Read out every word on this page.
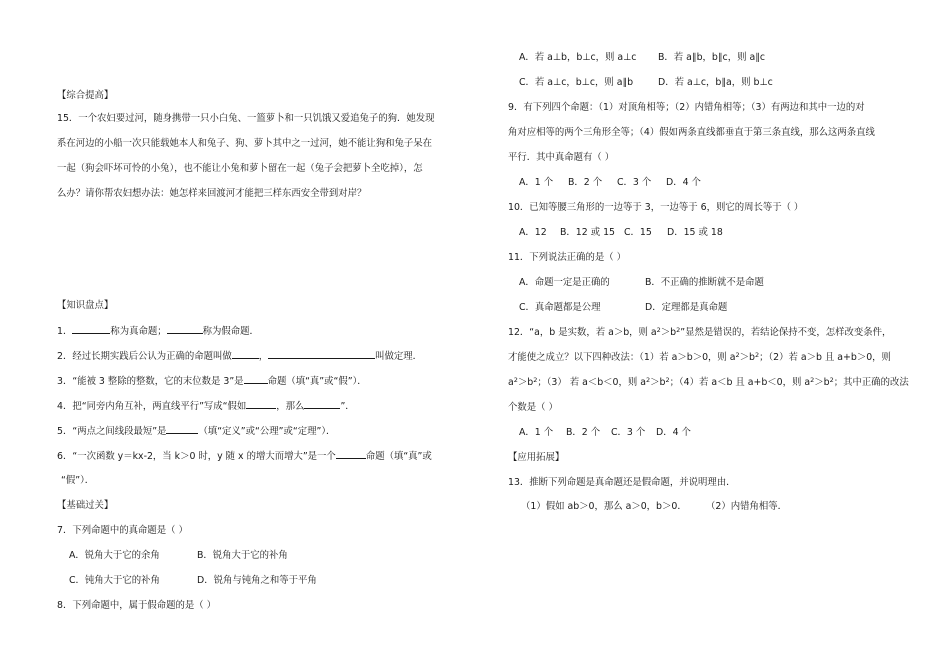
【综合提高】
15．一个农妇要过河，随身携带一只小白兔、一篮萝卜和一只饥饿又爱追兔子的狗．她发现
系在河边的小船一次只能载她本人和兔子、狗、萝卜其中之一过河，她不能让狗和兔子呆在
一起（狗会吓坏可怜的小兔），也不能让小兔和萝卜留在一起（兔子会把萝卜全吃掉），怎
么办？请你帮农妇想办法：她怎样来回渡河才能把三样东西安全带到对岸？
【知识盘点】
1．	称为真命题；	称为假命题．
2．经过长期实践后公认为正确的命题叫做	，	叫做定理．
3．“能被 3 整除的整数，它的末位数是 3”是	命题（填“真”或“假”）．
4．把“同旁内角互补，两直线平行”写成“假如	，那么	”．
5．“两点之间线段最短”是	（填“定义”或“公理”或“定理”）．
6．“一次函数 y＝kx-2，当 k＞0 时，y 随 x 的增大而增大”是一个	命题（填“真”或
“假”）．
【基础过关】
7．下列命题中的真命题是（ ）
A．锐角大于它的余角	B．锐角大于它的补角
C．钝角大于它的补角	D．锐角与钝角之和等于平角
8．下列命题中，属于假命题的是（ ）
A．若 a⊥b，b⊥c，则 a⊥c B．若 a∥b，b∥c，则 a∥c
C．若 a⊥c，b⊥c，则 a∥b	D．若 a⊥c，b∥a，则 b⊥c
9．有下列四个命题：（1）对顶角相等；（2）内错角相等；（3）有两边和其中一边的对
角对应相等的两个三角形全等；（4）假如两条直线都垂直于第三条直线，那么这两条直线
平行．其中真命题有（ ）
A．1 个 B．2 个 C．3 个 D．4 个
10．已知等腰三角形的一边等于 3，一边等于 6，则它的周长等于（ ）
A．12 B．12 或 15 C．15 D．15 或 18
11．下列说法正确的是（ ）
A．命题一定是正确的	B．不正确的推断就不是命题
C．真命题都是公理	D．定理都是真命题
12．“a，b 是实数，若 a＞b，则 $a^2>b^2$”显然是错误的，若结论保持不变，怎样改变条件，
才能使之成立？以下四种改法：（1）若 a＞b＞0，则 $a^2>b^2$；（2）若 a＞b 且 a+b＞0，则
$a^2>b^2$；（3） 若 a＜b＜0，则 $a^2>b^2$；（4）若 a＜b 且 a+b＜0，则 $a^2>b^2$；其中正确的改法
个数是（ ）
A．1 个 B．2 个 C．3 个 D．4 个
【应用拓展】
13．推断下列命题是真命题还是假命题，并说明理由．
（1）假如 ab＞0，那么 a＞0，b＞0． （2）内错角相等．
